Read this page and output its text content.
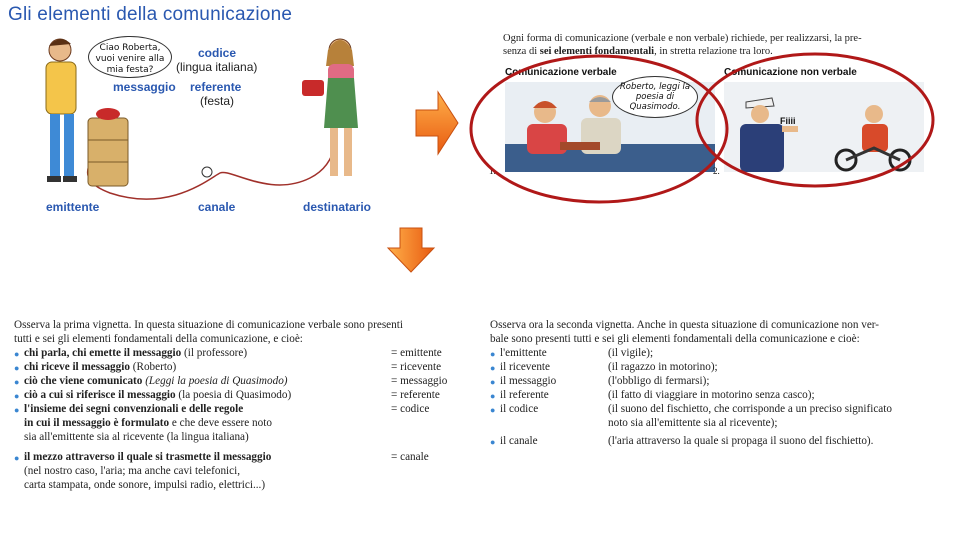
Gli elementi della comunicazione
Ciao Roberta, vuoi venire alla mia festa?
codice
(lingua italiana)
messaggio referente
(festa)
emittente	canale	destinatario
Ogni forma di comunicazione (verbale e non verbale) richiede, per realizzarsi, la pre-
senza di sei elementi fondamentali, in stretta relazione tra loro.
Comunicazione verbale	Comunicazione non verbale
Roberto, leggi la poesia di Quasimodo.
1.
Fiiii
2.
Osserva la prima vignetta. In questa situazione di comunicazione verbale sono presenti
tutti e sei gli elementi fondamentali della comunicazione, e cioè:
● chi parla, chi emette il messaggio (il professore)	= emittente
● chi riceve il messaggio (Roberto)	= ricevente
● ciò che viene comunicato (Leggi la poesia di Quasimodo)	= messaggio
● ciò a cui si riferisce il messaggio (la poesia di Quasimodo)	= referente
● l'insieme dei segni convenzionali e delle regole	= codice
in cui il messaggio è formulato e che deve essere noto
sia all'emittente sia al ricevente (la lingua italiana)
● il mezzo attraverso il quale si trasmette il messaggio	= canale
(nel nostro caso, l'aria; ma anche cavi telefonici,
carta stampata, onde sonore, impulsi radio, elettrici...)
Osserva ora la seconda vignetta. Anche in questa situazione di comunicazione non ver-
bale sono presenti tutti e sei gli elementi fondamentali della comunicazione e cioè:
● l'emittente	(il vigile);
● il ricevente	(il ragazzo in motorino);
● il messaggio	(l'obbligo di fermarsi);
● il referente	(il fatto di viaggiare in motorino senza casco);
● il codice	(il suono del fischietto, che corrisponde a un preciso significato
noto sia all'emittente sia al ricevente);
● il canale	(l'aria attraverso la quale si propaga il suono del fischietto).
